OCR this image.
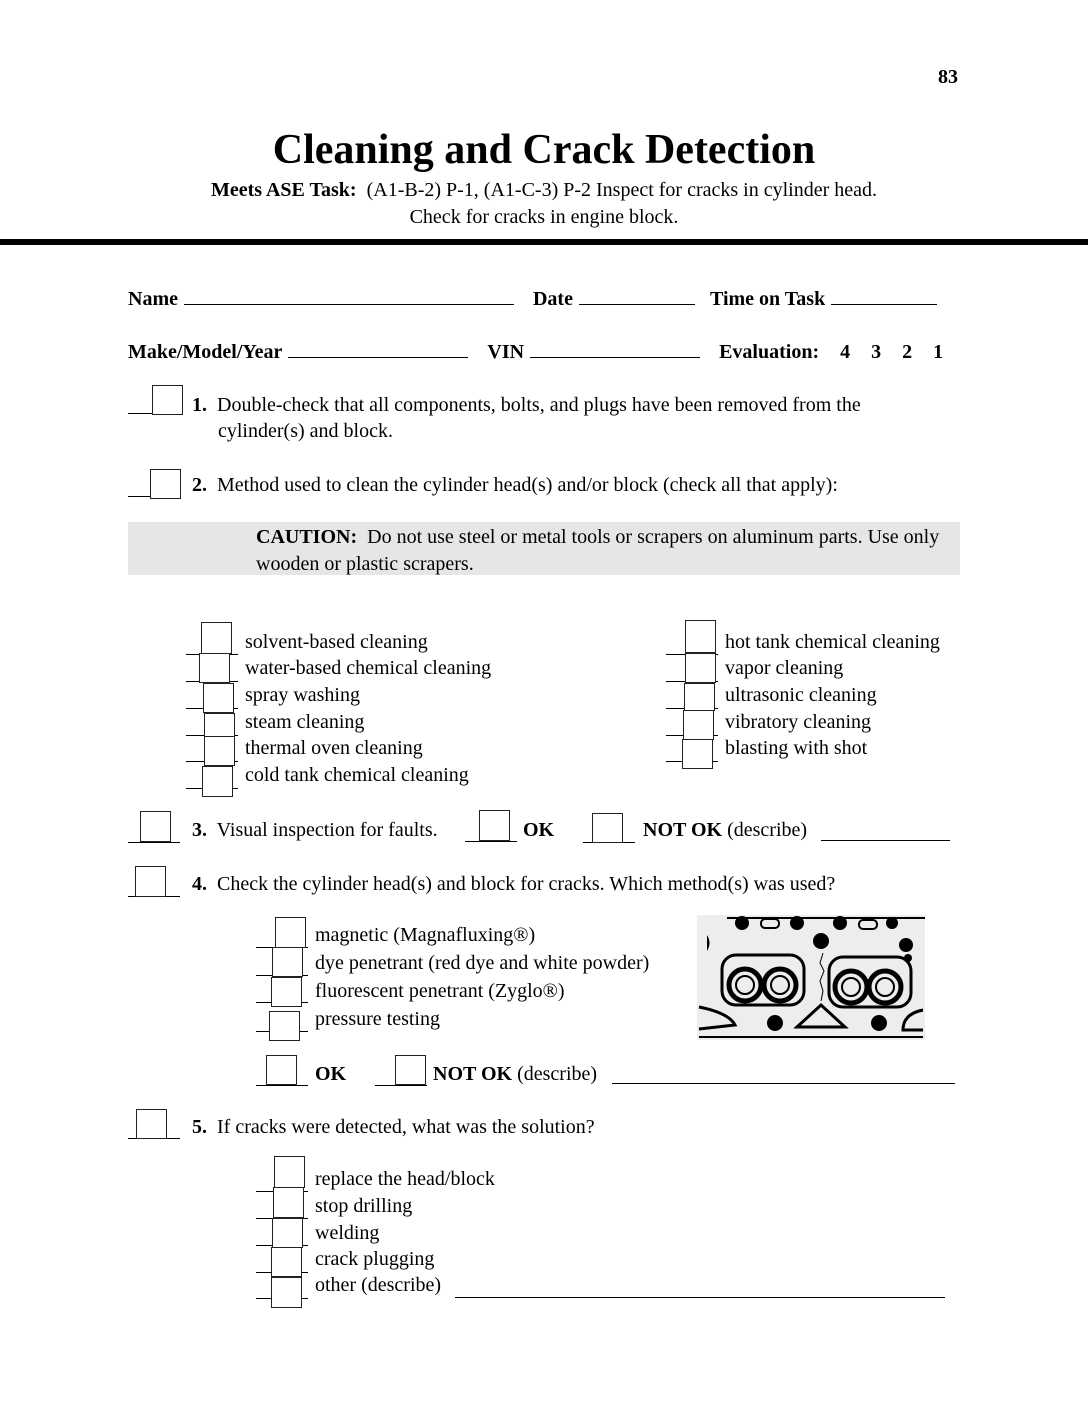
83
Cleaning and Crack Detection
Meets ASE Task: (A1-B-2) P-1, (A1-C-3) P-2 Inspect for cracks in cylinder head.
Check for cracks in engine block.
Name	Date	Time on Task
Make/Model/Year	VIN	Evaluation: 4 3 2 1
1. Double-check that all components, bolts, and plugs have been removed from the
cylinder(s) and block.
2. Method used to clean the cylinder head(s) and/or block (check all that apply):
CAUTION: Do not use steel or metal tools or scrapers on aluminum parts. Use only wooden or plastic scrapers.
solvent-based cleaning
water-based chemical cleaning
spray washing
steam cleaning
thermal oven cleaning
cold tank chemical cleaning
hot tank chemical cleaning
vapor cleaning
ultrasonic cleaning
vibratory cleaning
blasting with shot
3. Visual inspection for faults.	OK	NOT OK (describe)
4. Check the cylinder head(s) and block for cracks. Which method(s) was used?
magnetic (Magnafluxing®)
dye penetrant (red dye and white powder)
fluorescent penetrant (Zyglo®)
pressure testing
OK	NOT OK (describe)
5. If cracks were detected, what was the solution?
replace the head/block
stop drilling
welding
crack plugging
other (describe)
